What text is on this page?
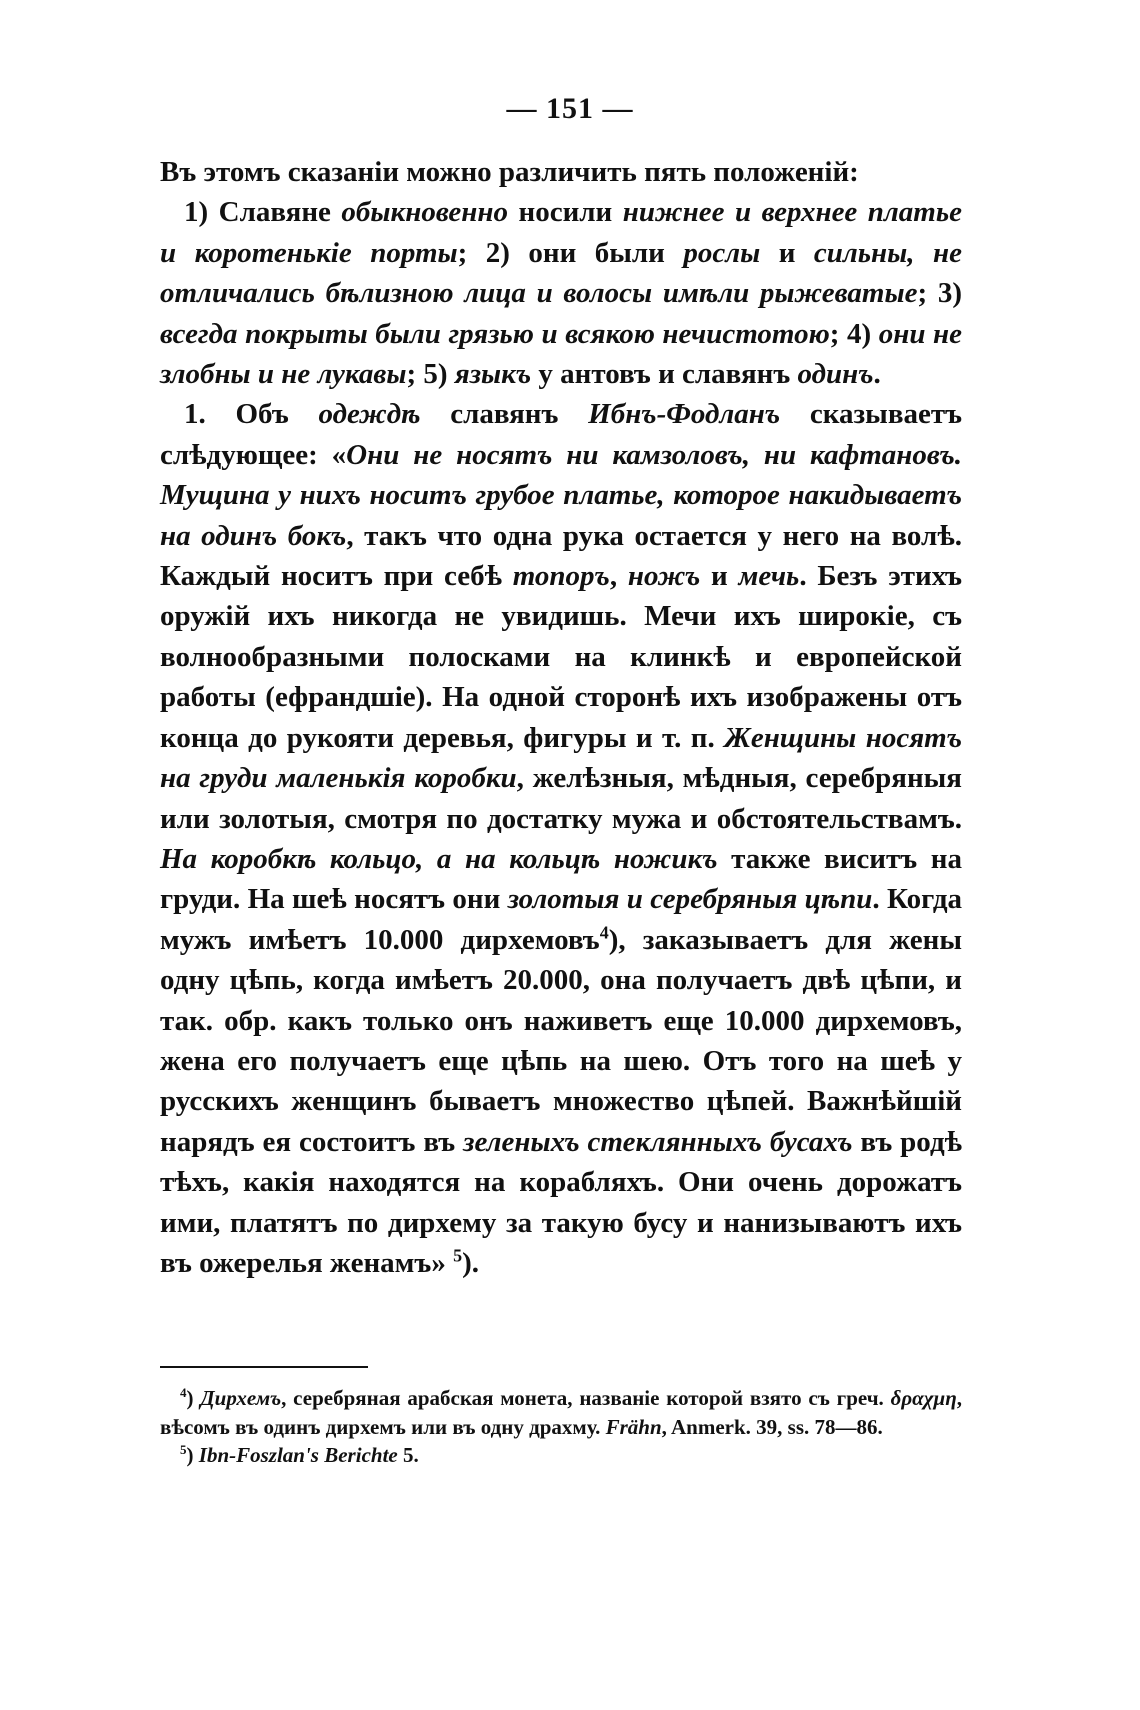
— 151 —

Въ этомъ сказаніи можно различить пять положеній:

1) Славяне обыкновенно носили нижнее и верхнее платье и коротенькіе порты; 2) они были рослы и сильны, не отличались бѣлизною лица и волосы имѣли рыжеватые; 3) всегда покрыты были грязью и всякою нечистотою; 4) они не злобны и не лукавы; 5) языкъ у антовъ и славянъ одинъ.

1. Объ одеждѣ славянъ Ибнъ-Фодланъ сказываетъ слѣдующее: «Они не носятъ ни камзоловъ, ни кафтановъ. Мущина у нихъ носитъ грубое платье, которое накидываетъ на одинъ бокъ, такъ что одна рука остается у него на волѣ. Каждый носитъ при себѣ топоръ, ножъ и мечь. Безъ этихъ оружій ихъ никогда не увидишь. Мечи ихъ широкіе, съ волнообразными полосками на клинкѣ и европейской работы (ефрандшіе). На одной сторонѣ ихъ изображены отъ конца до рукояти деревья, фигуры и т. п. Женщины носятъ на груди маленькія коробки, желѣзныя, мѣдныя, серебряныя или золотыя, смотря по достатку мужа и обстоятельствамъ. На коробкѣ кольцо, а на кольцѣ ножикъ также виситъ на груди. На шеѣ носятъ они золотыя и серебряныя цѣпи. Когда мужъ имѣетъ 10.000 дирхемовъ$^4$), заказываетъ для жены одну цѣпь, когда имѣетъ 20.000, она получаетъ двѣ цѣпи, и так. обр. какъ только онъ наживетъ еще 10.000 дирхемовъ, жена его получаетъ еще цѣпь на шею. Отъ того на шеѣ у русскихъ женщинъ бываетъ множество цѣпей. Важнѣйшій нарядъ ея состоитъ въ зеленыхъ стеклянныхъ бусахъ въ родѣ тѣхъ, какія находятся на корабляхъ. Они очень дорожатъ ими, платятъ по дирхему за такую бусу и нанизываютъ ихъ въ ожерелья женамъ» $^5$).

$^4$) Дирхемъ, серебряная арабская монета, названіе которой взято съ греч. δραχμη, вѣсомъ въ одинъ дирхемъ или въ одну драхму. Frähn, Anmerk. 39, ss. 78—86.

$^5$) Ibn-Foszlan's Berichte 5.
